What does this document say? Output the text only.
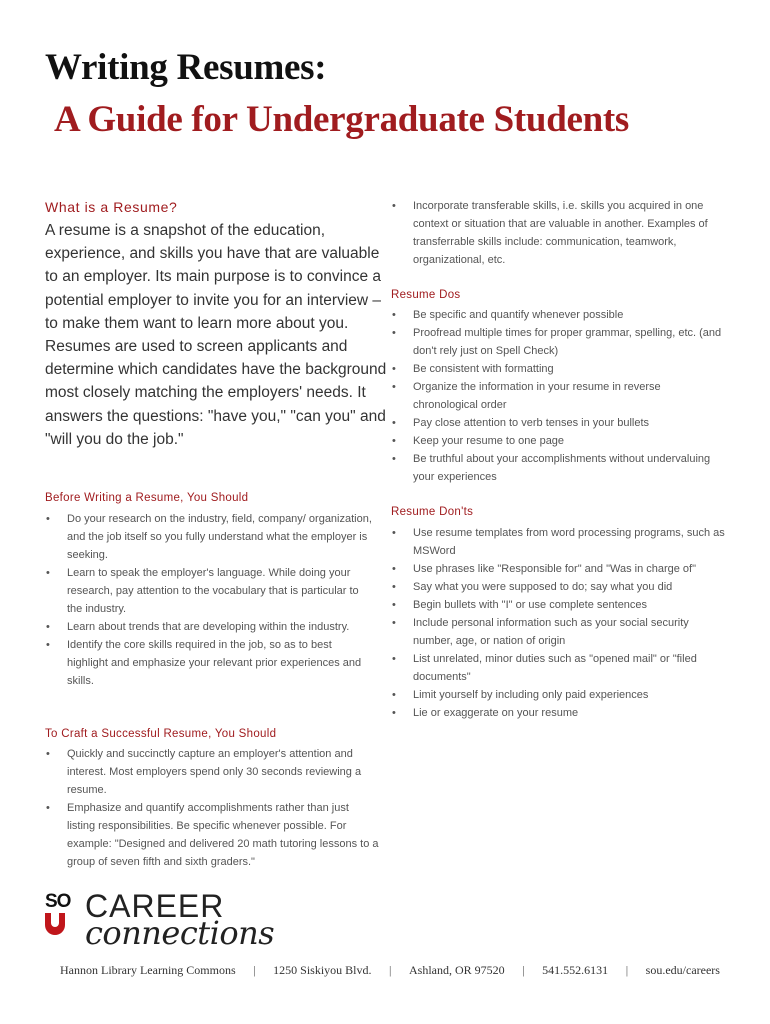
Writing Resumes:
A Guide for Undergraduate Students
What is a Resume?
A resume is a snapshot of the education, experience, and skills you have that are valuable to an employer. Its main purpose is to convince a potential employer to invite you for an interview – to make them want to learn more about you. Resumes are used to screen applicants and determine which candidates have the background most closely matching the employers' needs. It answers the questions: "have you," "can you" and "will you do the job."
Before Writing a Resume, You Should
• Do your research on the industry, field, company/ organization, and the job itself so you fully understand what the employer is seeking.
• Learn to speak the employer's language. While doing your research, pay attention to the vocabulary that is particular to the industry.
• Learn about trends that are developing within the industry.
• Identify the core skills required in the job, so as to best highlight and emphasize your relevant prior experiences and skills.
To Craft a Successful Resume, You Should
• Quickly and succinctly capture an employer's attention and interest. Most employers spend only 30 seconds reviewing a resume.
• Emphasize and quantify accomplishments rather than just listing responsibilities. Be specific whenever possible. For example: "Designed and delivered 20 math tutoring lessons to a group of seven fifth and sixth graders."
• Incorporate transferable skills, i.e. skills you acquired in one context or situation that are valuable in another. Examples of transferrable skills include: communication, teamwork, organizational, etc.
Resume Dos
• Be specific and quantify whenever possible
• Proofread multiple times for proper grammar, spelling, etc. (and don't rely just on Spell Check)
• Be consistent with formatting
• Organize the information in your resume in reverse chronological order
• Pay close attention to verb tenses in your bullets
• Keep your resume to one page
• Be truthful about your accomplishments without undervaluing your experiences
Resume Don'ts
• Use resume templates from word processing programs, such as MSWord
• Use phrases like "Responsible for" and "Was in charge of"
• Say what you were supposed to do; say what you did
• Begin bullets with "I" or use complete sentences
• Include personal information such as your social security number, age, or nation of origin
• List unrelated, minor duties such as "opened mail" or "filed documents"
• Limit yourself by including only paid experiences
• Lie or exaggerate on your resume
SO CAREER
connections
Hannon Library Learning Commons | 1250 Siskiyou Blvd. | Ashland, OR 97520 | 541.552.6131 | sou.edu/careers
